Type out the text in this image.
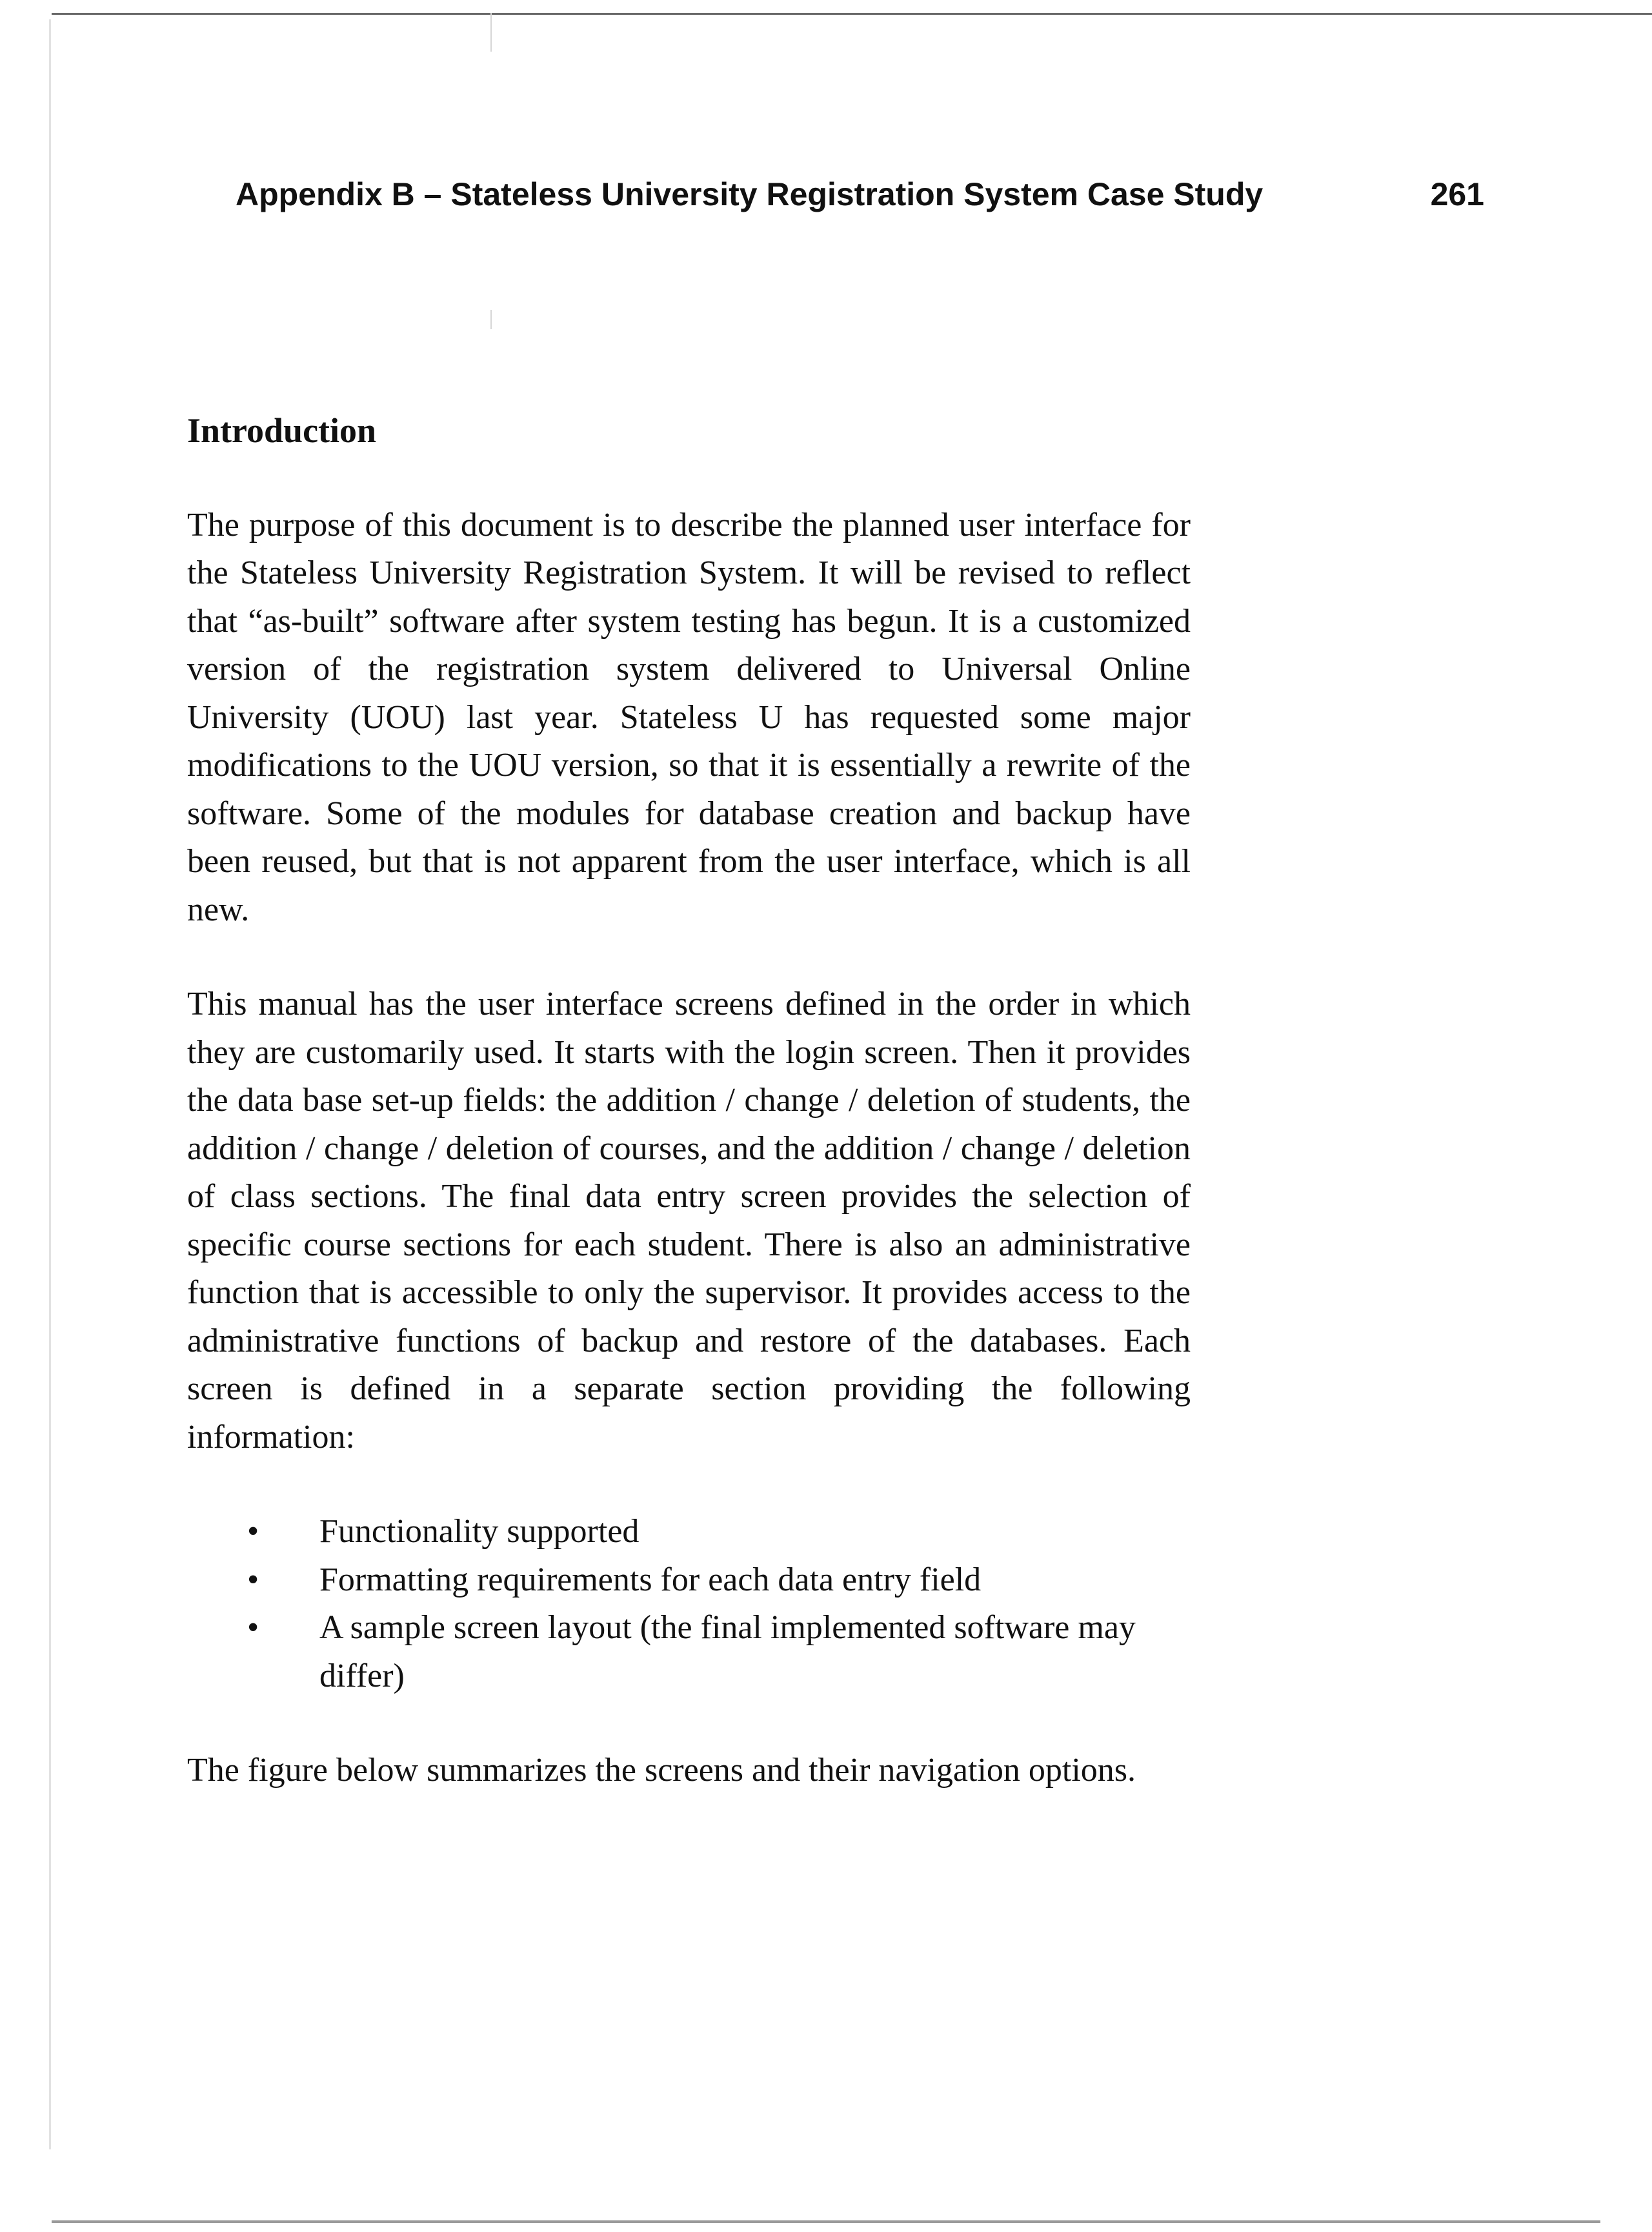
Appendix B – Stateless University Registration System Case Study	261
Introduction

The purpose of this document is to describe the planned user interface for the Stateless University Registration System. It will be revised to reflect that “as-built” software after system testing has begun. It is a customized version of the registration system delivered to Universal Online University (UOU) last year. Stateless U has requested some major modifications to the UOU version, so that it is essentially a rewrite of the software. Some of the modules for database creation and backup have been reused, but that is not apparent from the user interface, which is all new.

This manual has the user interface screens defined in the order in which they are customarily used. It starts with the login screen. Then it provides the data base set-up fields: the addition / change / deletion of students, the addition / change / deletion of courses, and the addition / change / deletion of class sections. The final data entry screen provides the selection of specific course sections for each student. There is also an administrative function that is accessible to only the supervisor. It provides access to the administrative functions of backup and restore of the databases. Each screen is defined in a separate section providing the following information:

• Functionality supported
• Formatting requirements for each data entry field
• A sample screen layout (the final implemented software may differ)

The figure below summarizes the screens and their navigation options.
